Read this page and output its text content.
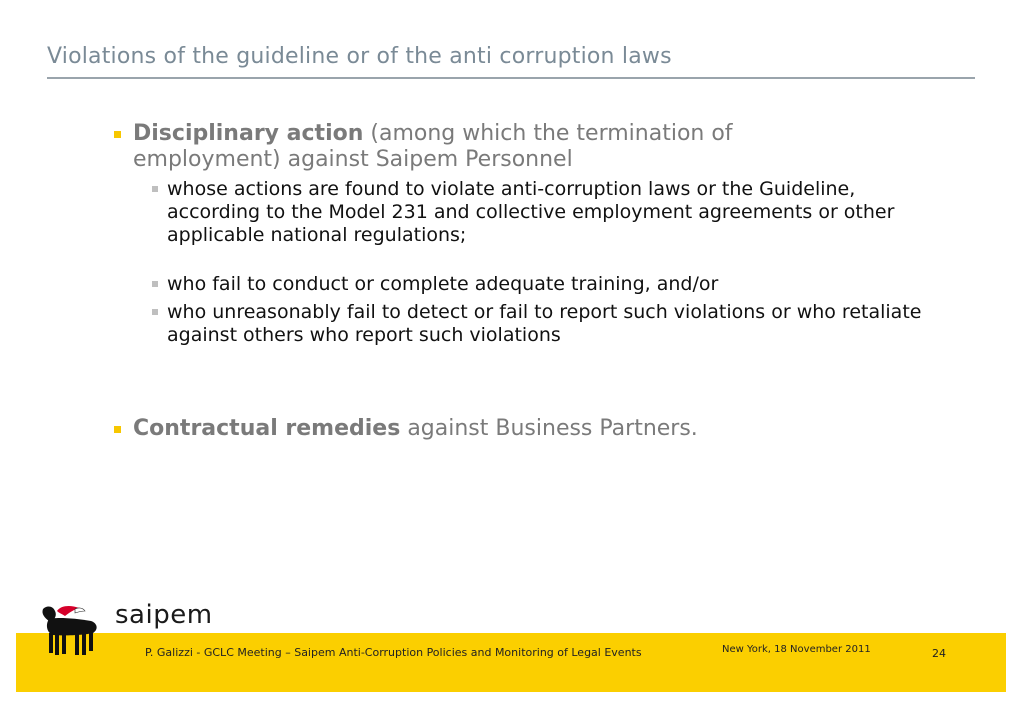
Violations of the guideline or of the anti corruption laws
Disciplinary action (among which the termination of employment) against Saipem Personnel
whose actions are found to violate anti-corruption laws or the Guideline, according to the Model 231 and collective employment agreements or other applicable national regulations;
who fail to conduct or complete adequate training, and/or
who unreasonably fail to detect or fail to report such violations or who retaliate against others who report such violations
Contractual remedies against Business Partners.
saipem
P. Galizzi - GCLC Meeting – Saipem Anti-Corruption Policies and Monitoring of Legal Events	New York, 18 November 2011	24
